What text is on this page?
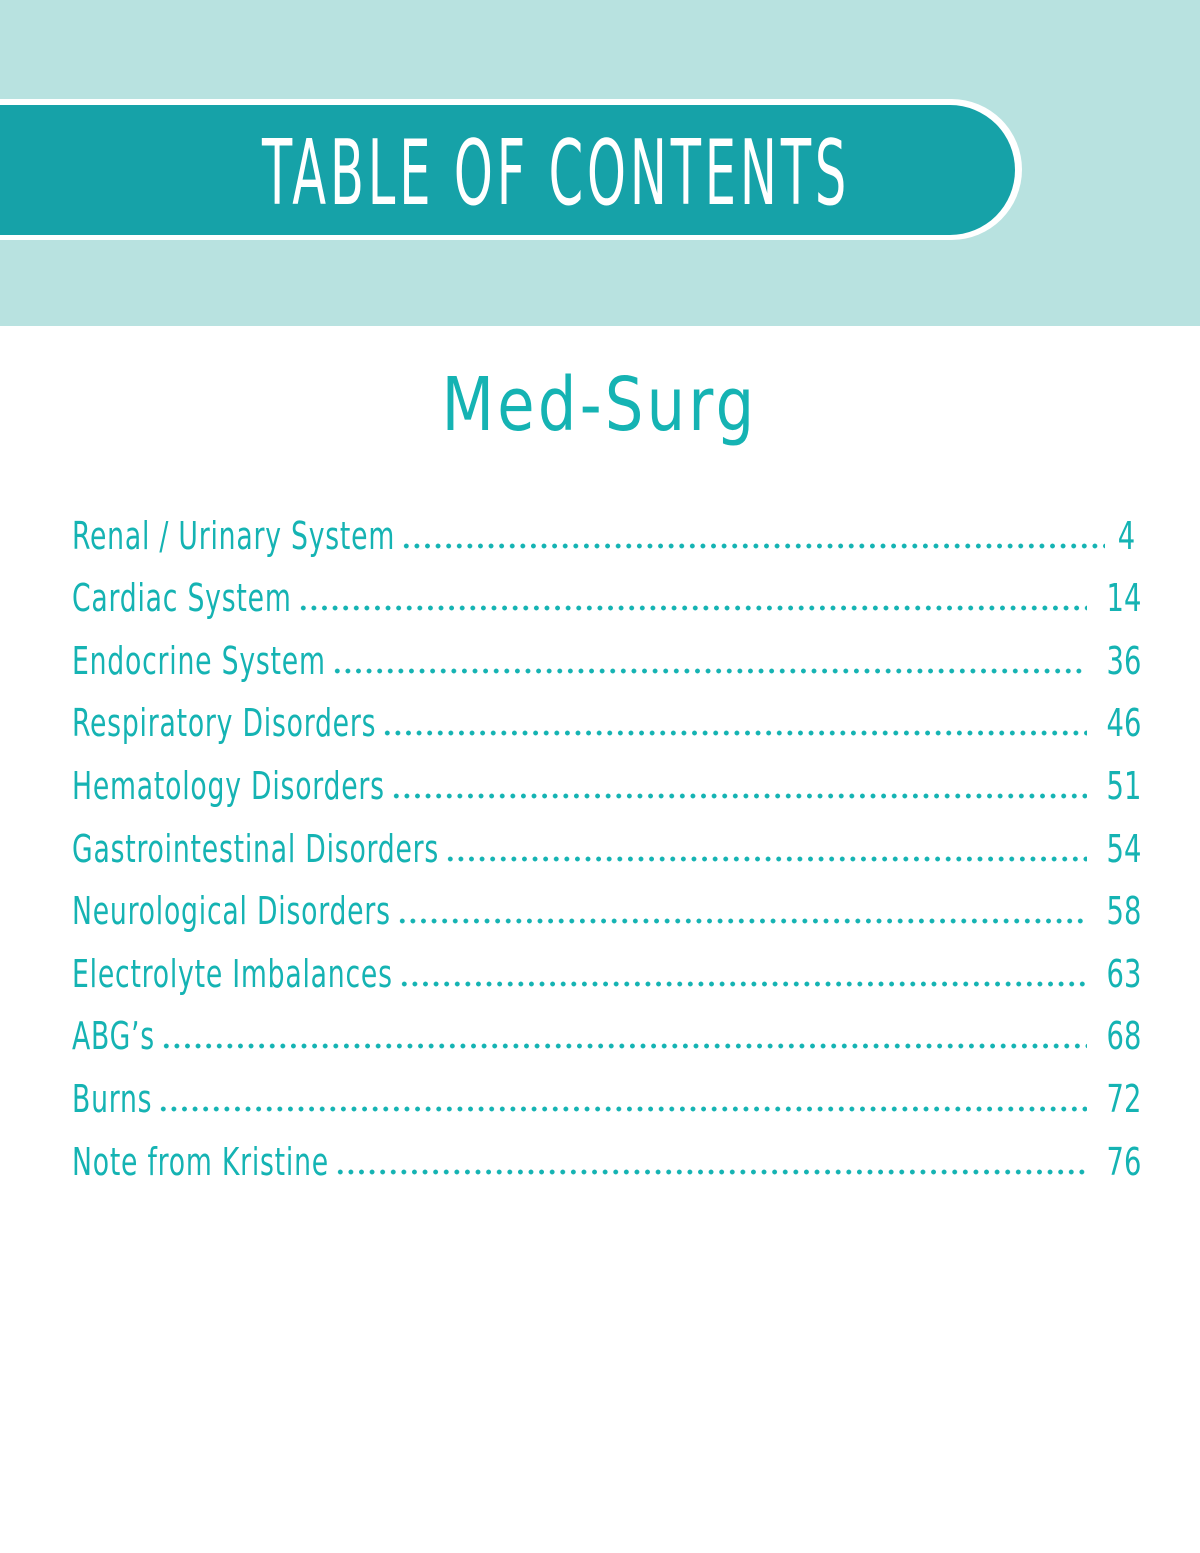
TABLE OF CONTENTS
Med-Surg
Renal / Urinary System	4
Cardiac System	14
Endocrine System	36
Respiratory Disorders	46
Hematology Disorders	51
Gastrointestinal Disorders	54
Neurological Disorders	58
Electrolyte Imbalances	63
ABG’s	68
Burns	72
Note from Kristine	76
